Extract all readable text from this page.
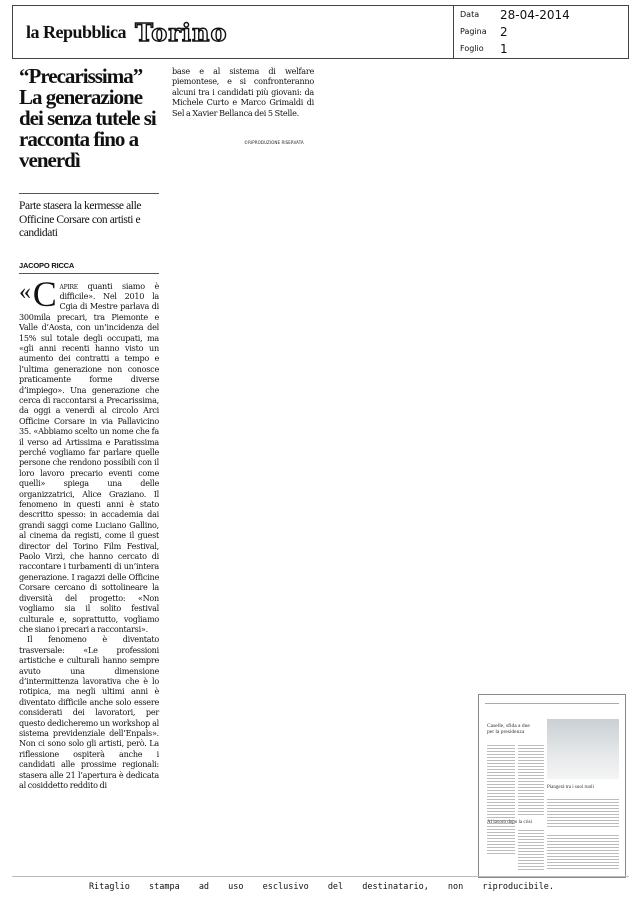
la Repubblica Torino
Data	28-04-2014
Pagina	2
Foglio	1
“Precarissima” La generazione dei senza tutele si racconta fino a venerdì
Parte stasera la kermesse alle Officine Corsare con artisti e candidati
JACOPO RICCA

« C apire quanti siamo è difficile». Nel 2010 la Cgia di Mestre parlava di 300mila precari, tra Piemonte e Valle d’Aosta, con un’incidenza del 15% sul totale degli occupati, ma «gli anni recenti hanno visto un aumento dei contratti a tempo e l’ultima generazione non conosce praticamente forme diverse d’impiego». Una generazione che cerca di raccontarsi a Precarissima, da oggi a venerdì al circolo Arci Officine Corsare in via Pallavicino 35. «Abbiamo scelto un nome che fa il verso ad Artissima e Paratissima perché vogliamo far parlare quelle persone che rendono possibili con il loro lavoro precario eventi come quelli» spiega una delle organizzatrici, Alice Graziano. Il fenomeno in questi anni è stato descritto spesso: in accademia dai grandi saggi come Luciano Gallino, al cinema da registi, come il guest director del Torino Film Festival, Paolo Virzì, che hanno cercato di raccontare i turbamenti di un’intera generazione. I ragazzi delle Officine Corsare cercano di sottolineare la diversità del progetto: «Non vogliamo sia il solito festival culturale e, soprattutto, vogliamo che siano i precari a raccontarsi».

Il fenomeno è diventato trasversale: «Le professioni artistiche e culturali hanno sempre avuto una dimensione d’intermittenza lavorativa che è lo rotipica, ma negli ultimi anni è diventato difficile anche solo essere considerati dei lavoratori, per questo dedicheremo un workshop al sistema previdenziale dell’Enpals». Non ci sono solo gli artisti, però. La riflessione ospiterà anche i candidati alle prossime regionali: stasera alle 21 l’apertura è dedicata al cosiddetto reddito di

base e al sistema di welfare piemontese, e si confronteranno alcuni tra i candidati più giovani: da Michele Curto e Marco Grimaldi di Sel a Xavier Bellanca dei 5 Stelle.
©RIPRODUZIONE RISERVATA
Caselle, sfida a due per la presidenza
Piangerà tra i suoi ruoli
Al lavoro dopo la crisi
Ritaglio stampa ad uso esclusivo del destinatario, non riproducibile.
